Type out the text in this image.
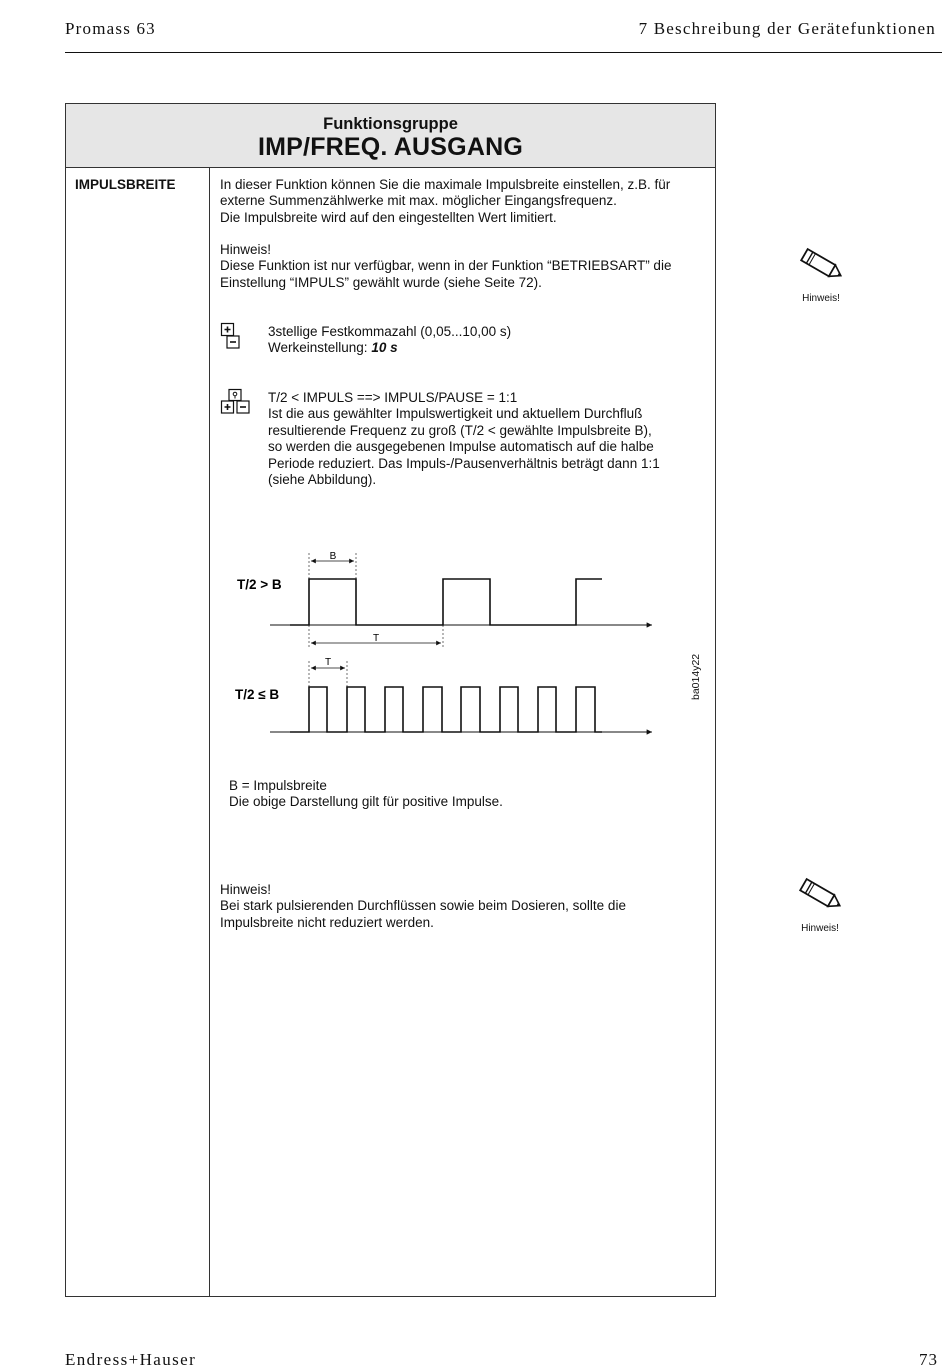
Promass 63	7 Beschreibung der Gerätefunktionen
Funktionsgruppe
IMP/FREQ. AUSGANG
IMPULSBREITE	In dieser Funktion können Sie die maximale Impulsbreite einstellen, z.B. für
externe Summenzählwerke mit max. möglicher Eingangsfrequenz.
Die Impulsbreite wird auf den eingestellten Wert limitiert.

Hinweis!
Diese Funktion ist nur verfügbar, wenn in der Funktion “BETRIEBSART” die
Einstellung “IMPULS” gewählt wurde (siehe Seite 72).

3stellige Festkommazahl (0,05...10,00 s)
Werkeinstellung: 10 s

T/2 < IMPULS ==> IMPULS/PAUSE = 1:1
Ist die aus gewählter Impulswertigkeit und aktuellem Durchfluß
resultierende Frequenz zu groß (T/2 < gewählte Impulsbreite B),
so werden die ausgegebenen Impulse automatisch auf die halbe
Periode reduziert. Das Impuls-/Pausenverhältnis beträgt dann 1:1
(siehe Abbildung).

T/2 > B
B
T
T/2 ≤ B
T	ba014y22

B = Impulsbreite
Die obige Darstellung gilt für positive Impulse.

Hinweis!
Bei stark pulsierenden Durchflüssen sowie beim Dosieren, sollte die
Impulsbreite nicht reduziert werden.

Hinweis!
Hinweis!
Endress+Hauser	73
